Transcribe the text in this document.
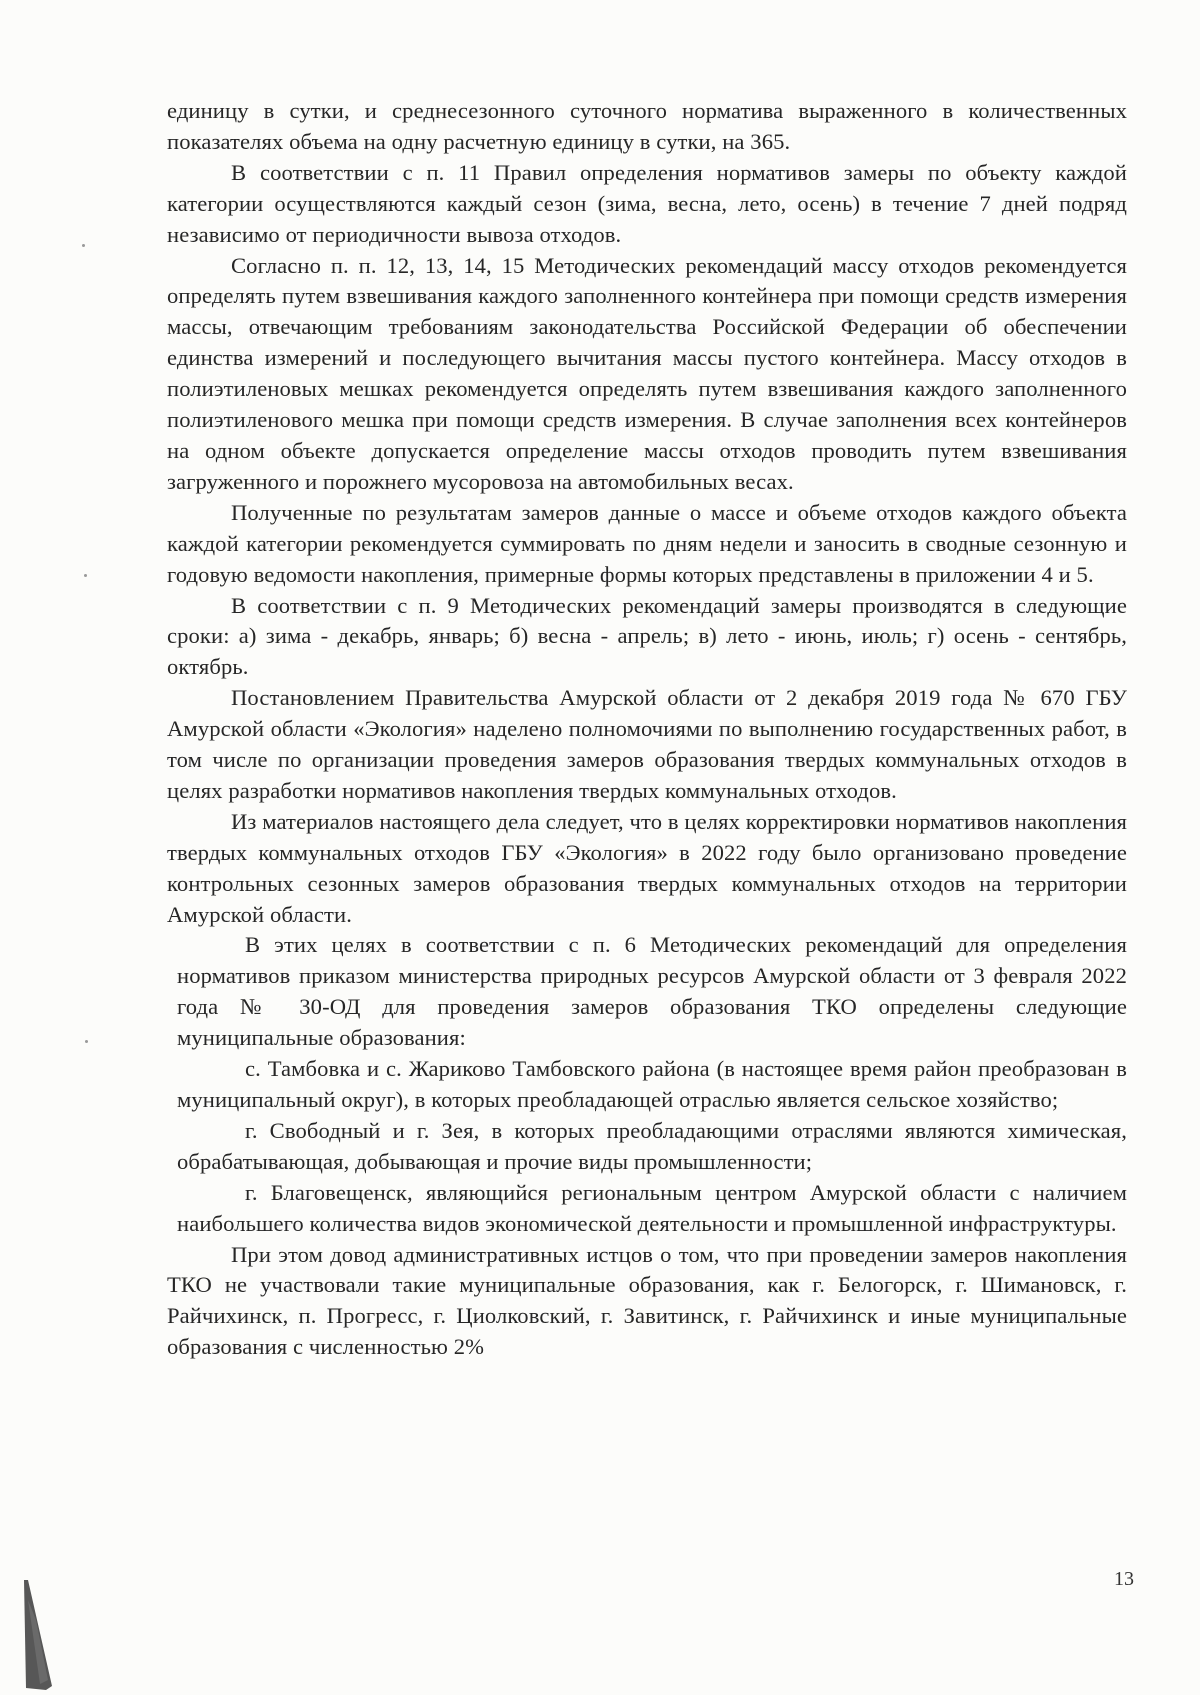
единицу в сутки, и среднесезонного суточного норматива выраженного в количественных показателях объема на одну расчетную единицу в сутки, на 365.

В соответствии с п. 11 Правил определения нормативов замеры по объекту каждой категории осуществляются каждый сезон (зима, весна, лето, осень) в течение 7 дней подряд независимо от периодичности вывоза отходов.

Согласно п. п. 12, 13, 14, 15 Методических рекомендаций массу отходов рекомендуется определять путем взвешивания каждого заполненного контейнера при помощи средств измерения массы, отвечающим требованиям законодательства Российской Федерации об обеспечении единства измерений и последующего вычитания массы пустого контейнера. Массу отходов в полиэтиленовых мешках рекомендуется определять путем взвешивания каждого заполненного полиэтиленового мешка при помощи средств измерения. В случае заполнения всех контейнеров на одном объекте допускается определение массы отходов проводить путем взвешивания загруженного и порожнего мусоровоза на автомобильных весах.

Полученные по результатам замеров данные о массе и объеме отходов каждого объекта каждой категории рекомендуется суммировать по дням недели и заносить в сводные сезонную и годовую ведомости накопления, примерные формы которых представлены в приложении 4 и 5.

В соответствии с п. 9 Методических рекомендаций замеры производятся в следующие сроки: а) зима - декабрь, январь; б) весна - апрель; в) лето - июнь, июль; г) осень - сентябрь, октябрь.

Постановлением Правительства Амурской области от 2 декабря 2019 года № 670 ГБУ Амурской области «Экология» наделено полномочиями по выполнению государственных работ, в том числе по организации проведения замеров образования твердых коммунальных отходов в целях разработки нормативов накопления твердых коммунальных отходов.

Из материалов настоящего дела следует, что в целях корректировки нормативов накопления твердых коммунальных отходов ГБУ «Экология» в 2022 году было организовано проведение контрольных сезонных замеров образования твердых коммунальных отходов на территории Амурской области.

В этих целях в соответствии с п. 6 Методических рекомендаций для определения нормативов приказом министерства природных ресурсов Амурской области от 3 февраля 2022 года № 30-ОД для проведения замеров образования ТКО определены следующие муниципальные образования:

с. Тамбовка и с. Жариково Тамбовского района (в настоящее время район преобразован в муниципальный округ), в которых преобладающей отраслью является сельское хозяйство;

г. Свободный и г. Зея, в которых преобладающими отраслями являются химическая, обрабатывающая, добывающая и прочие виды промышленности;

г. Благовещенск, являющийся региональным центром Амурской области с наличием наибольшего количества видов экономической деятельности и промышленной инфраструктуры.

При этом довод административных истцов о том, что при проведении замеров накопления ТКО не участвовали такие муниципальные образования, как г. Белогорск, г. Шимановск, г. Райчихинск, п. Прогресс, г. Циолковский, г. Завитинск, г. Райчихинск и иные муниципальные образования с численностью 2%

13
